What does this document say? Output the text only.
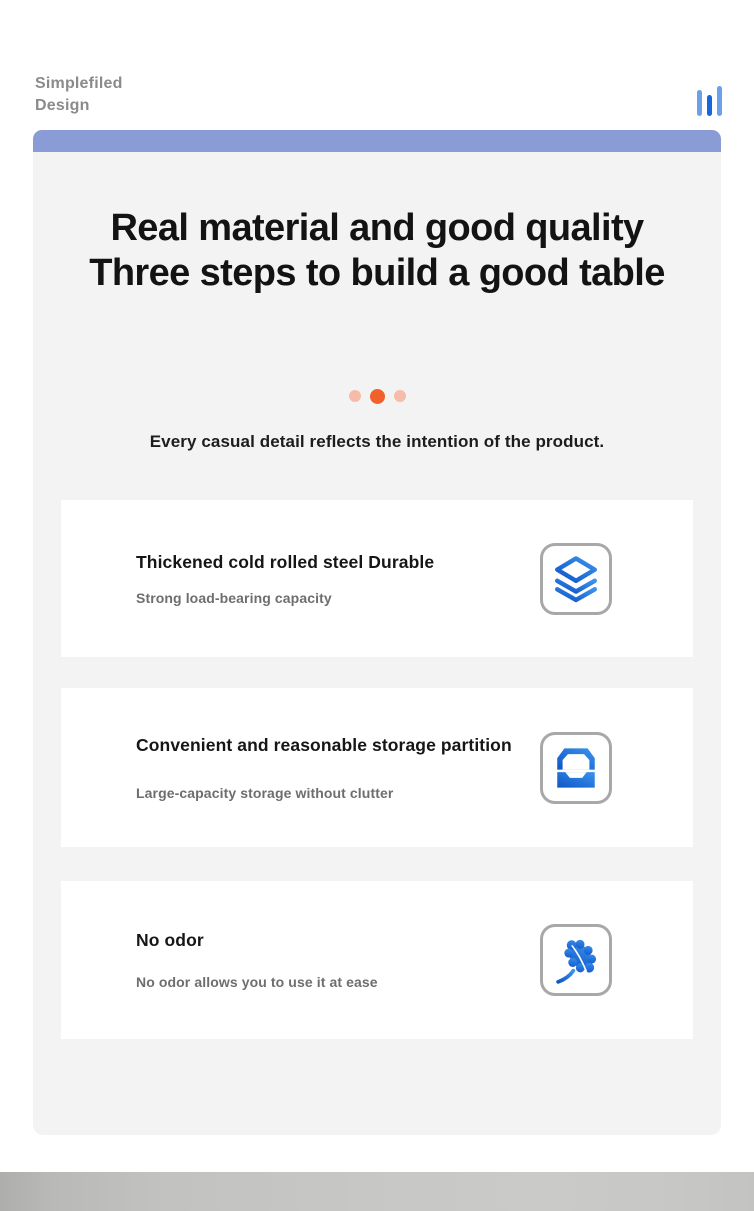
Simplefiled
Design
Real material and good quality
Three steps to build a good table
Every casual detail reflects the intention of the product.
Thickened cold rolled steel Durable
Strong load-bearing capacity
Convenient and reasonable storage partition
Large-capacity storage without clutter
No odor
No odor allows you to use it at ease
